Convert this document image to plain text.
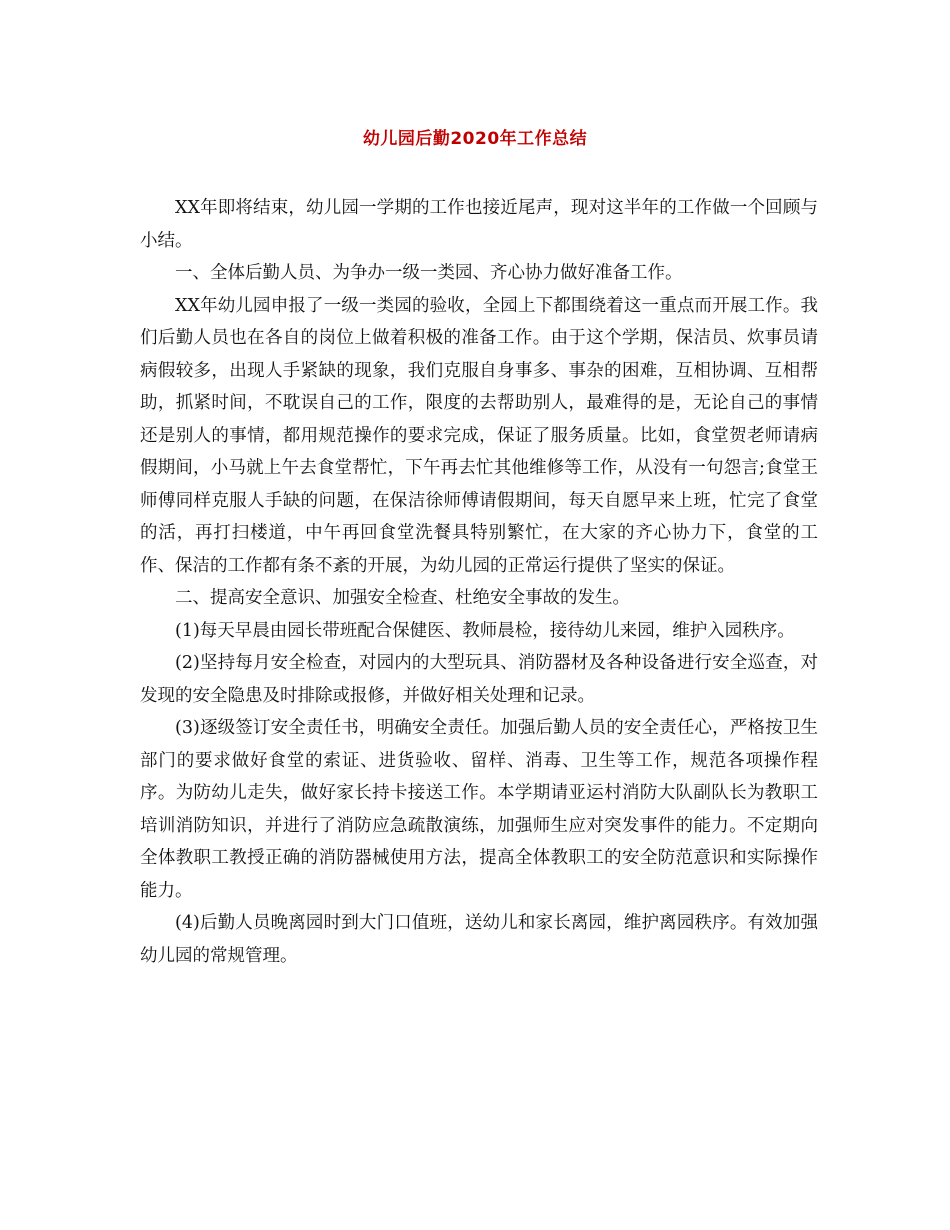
幼儿园后勤2020年工作总结

XX年即将结束，幼儿园一学期的工作也接近尾声，现对这半年的工作做一个回顾与小结。

一、全体后勤人员、为争办一级一类园、齐心协力做好准备工作。

XX年幼儿园申报了一级一类园的验收，全园上下都围绕着这一重点而开展工作。我们后勤人员也在各自的岗位上做着积极的准备工作。由于这个学期，保洁员、炊事员请病假较多，出现人手紧缺的现象，我们克服自身事多、事杂的困难，互相协调、互相帮助，抓紧时间，不耽误自己的工作，限度的去帮助别人，最难得的是，无论自己的事情还是别人的事情，都用规范操作的要求完成，保证了服务质量。比如，食堂贺老师请病假期间，小马就上午去食堂帮忙，下午再去忙其他维修等工作，从没有一句怨言;食堂王师傅同样克服人手缺的问题，在保洁徐师傅请假期间，每天自愿早来上班，忙完了食堂的活，再打扫楼道，中午再回食堂洗餐具特别繁忙，在大家的齐心协力下，食堂的工作、保洁的工作都有条不紊的开展，为幼儿园的正常运行提供了坚实的保证。

二、提高安全意识、加强安全检查、杜绝安全事故的发生。

(1)每天早晨由园长带班配合保健医、教师晨检，接待幼儿来园，维护入园秩序。

(2)坚持每月安全检查，对园内的大型玩具、消防器材及各种设备进行安全巡查，对发现的安全隐患及时排除或报修，并做好相关处理和记录。

(3)逐级签订安全责任书，明确安全责任。加强后勤人员的安全责任心，严格按卫生部门的要求做好食堂的索证、进货验收、留样、消毒、卫生等工作，规范各项操作程序。为防幼儿走失，做好家长持卡接送工作。本学期请亚运村消防大队副队长为教职工培训消防知识，并进行了消防应急疏散演练，加强师生应对突发事件的能力。不定期向全体教职工教授正确的消防器械使用方法，提高全体教职工的安全防范意识和实际操作能力。

(4)后勤人员晚离园时到大门口值班，送幼儿和家长离园，维护离园秩序。有效加强幼儿园的常规管理。
